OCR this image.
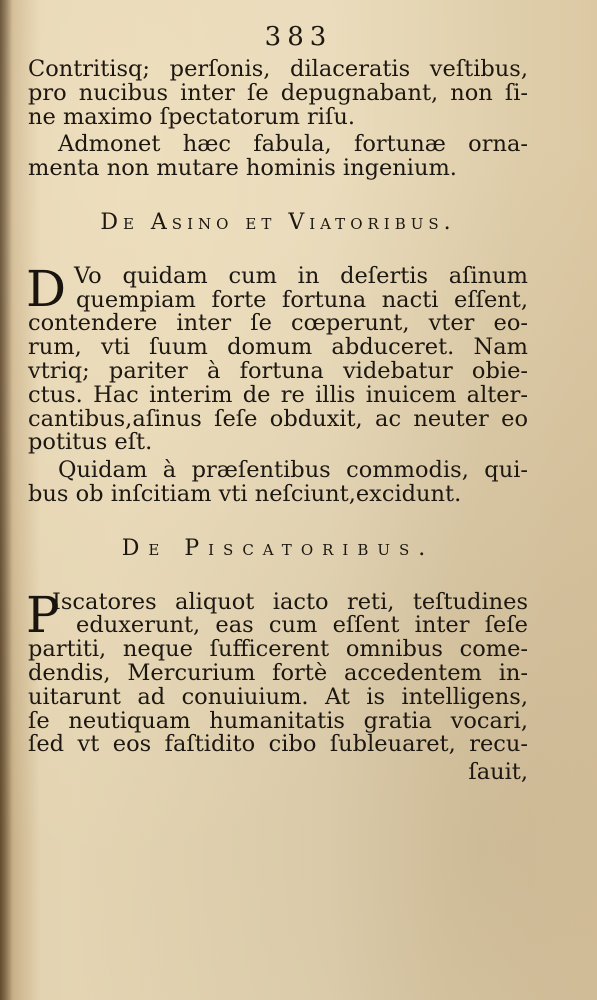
383
Contritisq; perſonis, dilaceratis veſtibus,
pro nucibus inter ſe depugnabant, non ſi-
ne maximo ſpectatorum riſu.
Admonet hæc fabula, fortunæ orna-
menta non mutare hominis ingenium.
De Asino et Viatoribus.
D Vo quidam cum in deſertis aſinum
quempiam forte fortuna nacti eſſent,
contendere inter ſe cœperunt, vter eo-
rum, vti ſuum domum abduceret. Nam
vtriq; pariter à fortuna videbatur obie-
ctus. Hac interim de re illis inuicem alter-
cantibus,aſinus ſeſe obduxit, ac neuter eo
potitus eſt.
Quidam à præſentibus commodis, qui-
bus ob inſcitiam vti neſciunt,excidunt.
De Piscatoribus.
P
Iscatores aliquot iacto reti, teſtudines
eduxerunt, eas cum eſſent inter ſeſe
partiti, neque ſufficerent omnibus come-
dendis, Mercurium fortè accedentem in-
uitarunt ad conuiuium. At is intelligens,
ſe neutiquam humanitatis gratia vocari,
ſed vt eos faſtidito cibo ſubleuaret, recu-
ſauit,
